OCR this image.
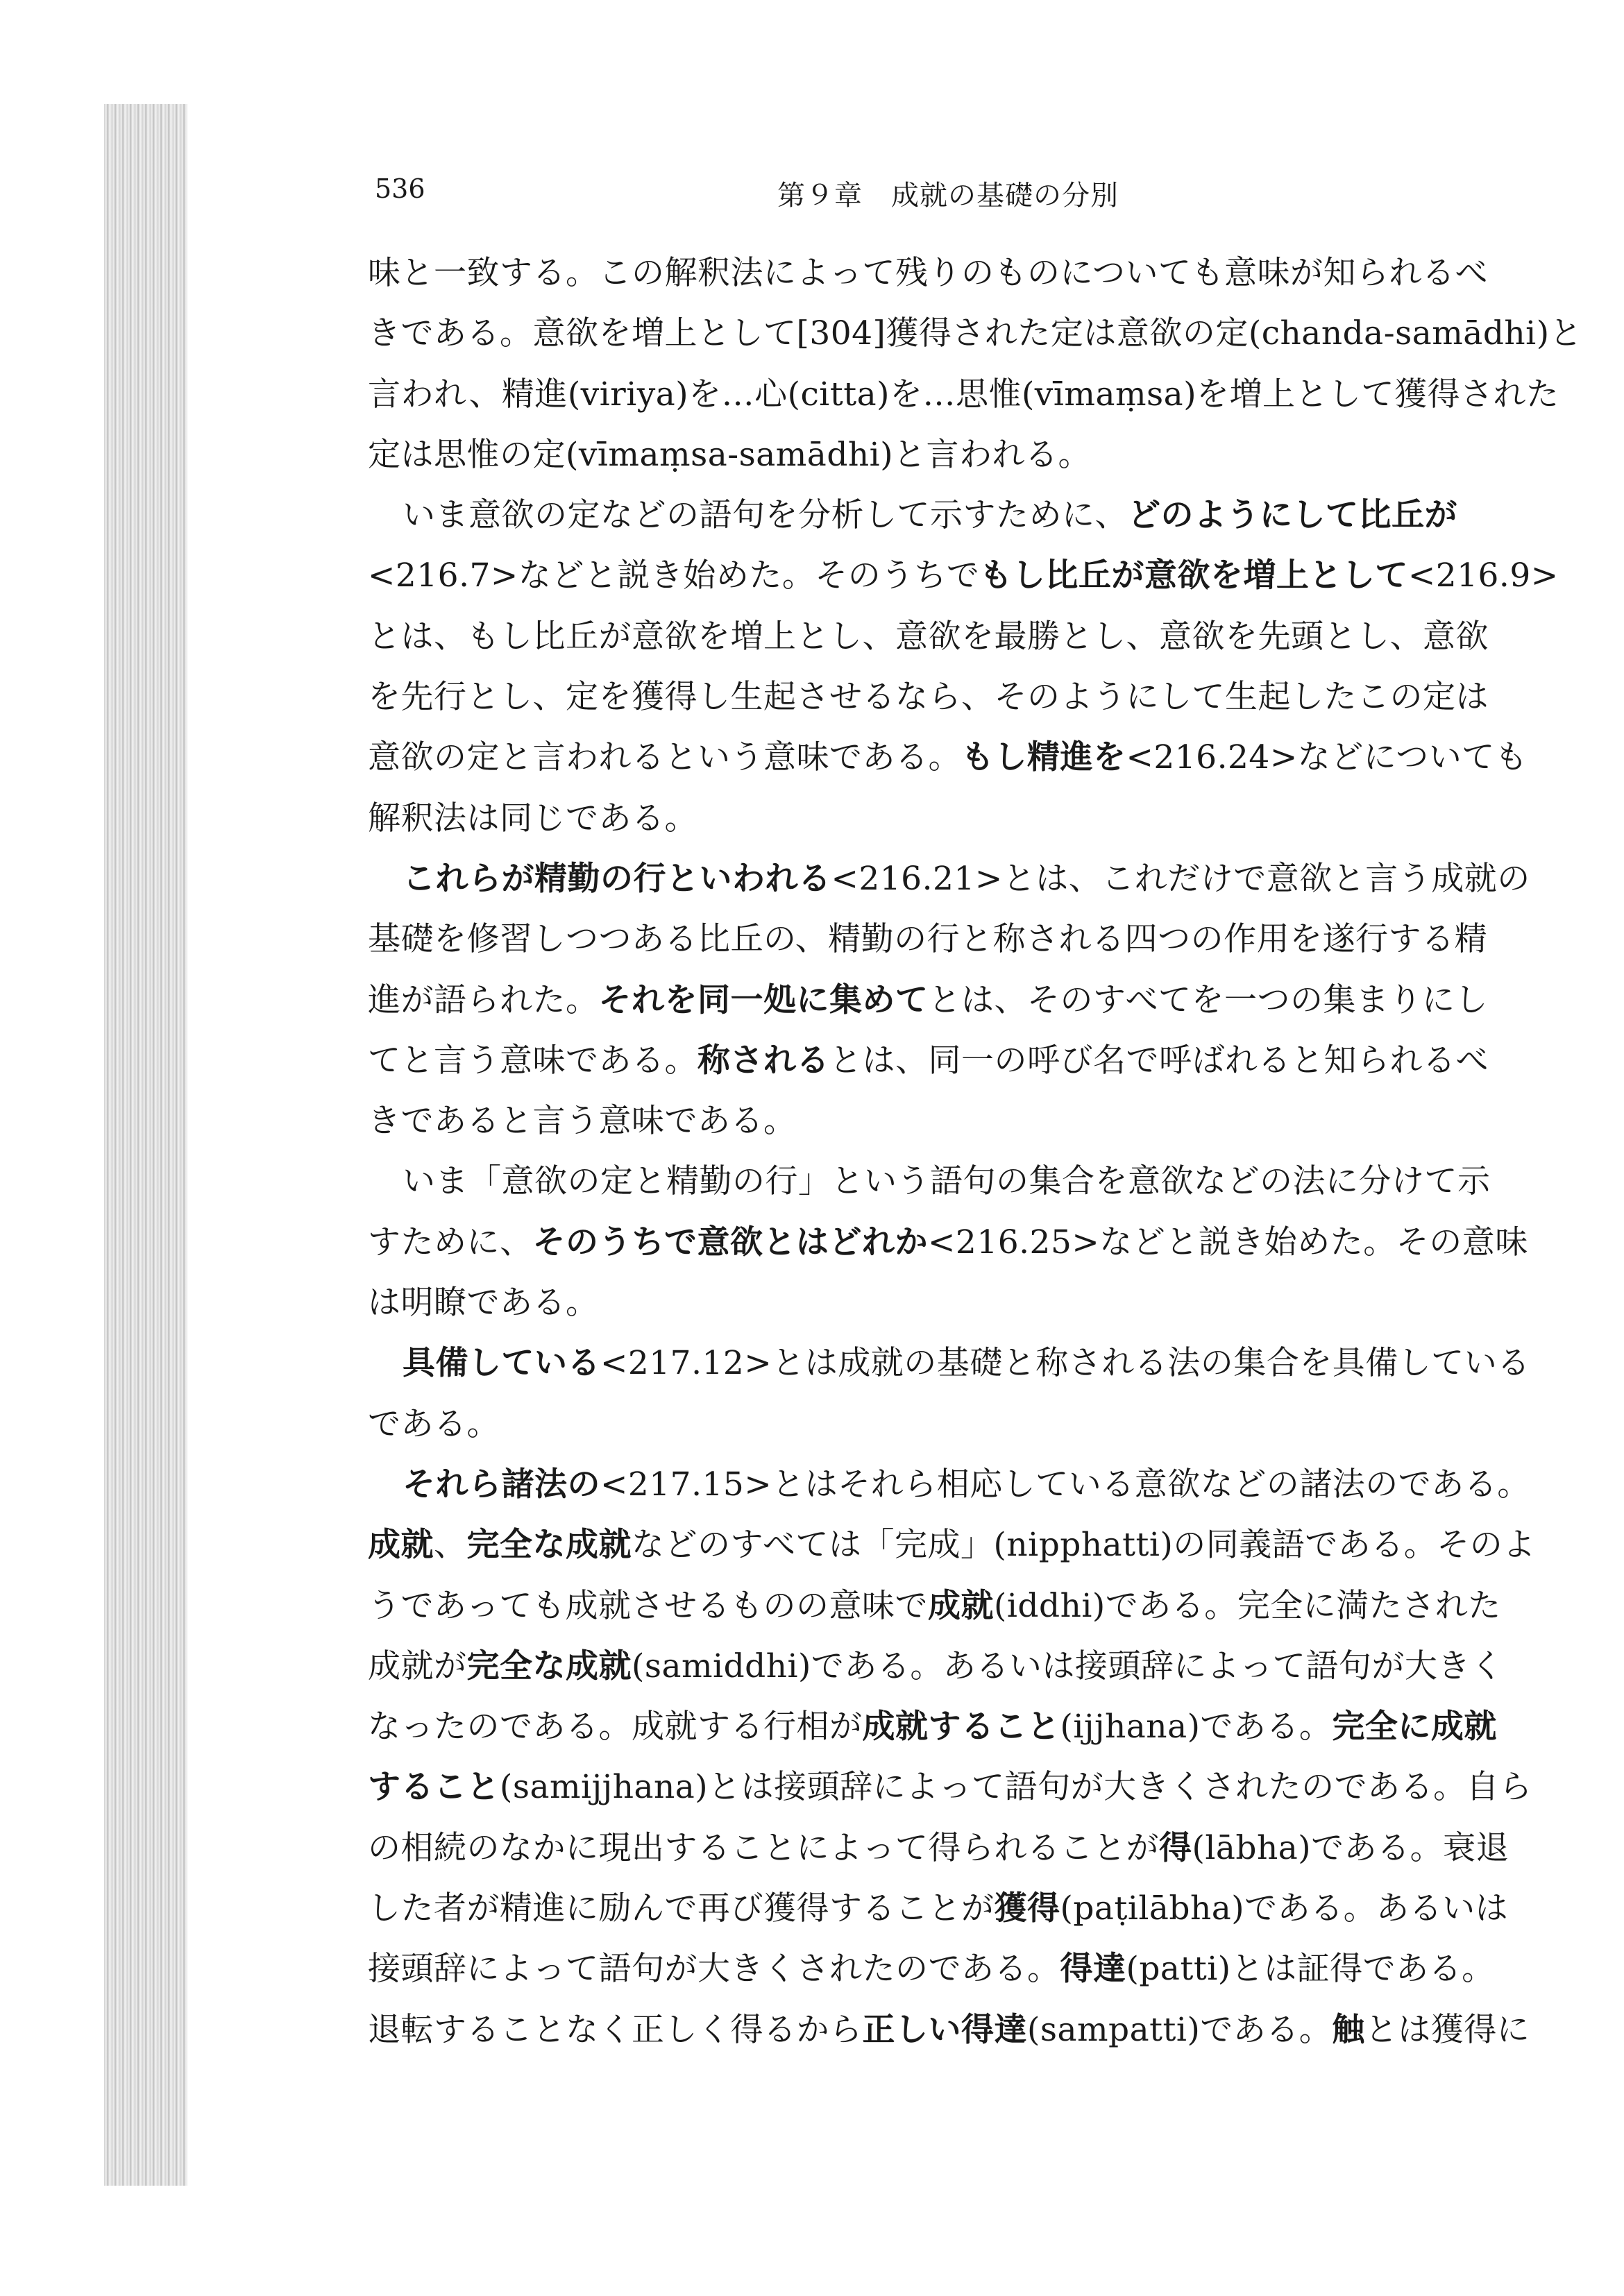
536	第９章　成就の基礎の分別
味と一致する。この解釈法によって残りのものについても意味が知られるべ
きである。意欲を増上として[304]獲得された定は意欲の定(chanda-samādhi)と
言われ、精進(viriya)を…心(citta)を…思惟(vīmaṃsa)を増上として獲得された
定は思惟の定(vīmaṃsa-samādhi)と言われる。
いま意欲の定などの語句を分析して示すために、どのようにして比丘が
<216.7>などと説き始めた。そのうちでもし比丘が意欲を増上として<216.9>
とは、もし比丘が意欲を増上とし、意欲を最勝とし、意欲を先頭とし、意欲
を先行とし、定を獲得し生起させるなら、そのようにして生起したこの定は
意欲の定と言われるという意味である。もし精進を<216.24>などについても
解釈法は同じである。
これらが精勤の行といわれる<216.21>とは、これだけで意欲と言う成就の
基礎を修習しつつある比丘の、精勤の行と称される四つの作用を遂行する精
進が語られた。それを同一処に集めてとは、そのすべてを一つの集まりにし
てと言う意味である。称されるとは、同一の呼び名で呼ばれると知られるべ
きであると言う意味である。
いま「意欲の定と精勤の行」という語句の集合を意欲などの法に分けて示
すために、そのうちで意欲とはどれか<216.25>などと説き始めた。その意味
は明瞭である。
具備している<217.12>とは成就の基礎と称される法の集合を具備している
である。
それら諸法の<217.15>とはそれら相応している意欲などの諸法のである。
成就、完全な成就などのすべては「完成」(nipphatti)の同義語である。そのよ
うであっても成就させるものの意味で成就(iddhi)である。完全に満たされた
成就が完全な成就(samiddhi)である。あるいは接頭辞によって語句が大きく
なったのである。成就する行相が成就すること(ijjhana)である。完全に成就
すること(samijjhana)とは接頭辞によって語句が大きくされたのである。自ら
の相続のなかに現出することによって得られることが得(lābha)である。衰退
した者が精進に励んで再び獲得することが獲得(paṭilābha)である。あるいは
接頭辞によって語句が大きくされたのである。得達(patti)とは証得である。
退転することなく正しく得るから正しい得達(sampatti)である。触とは獲得に
